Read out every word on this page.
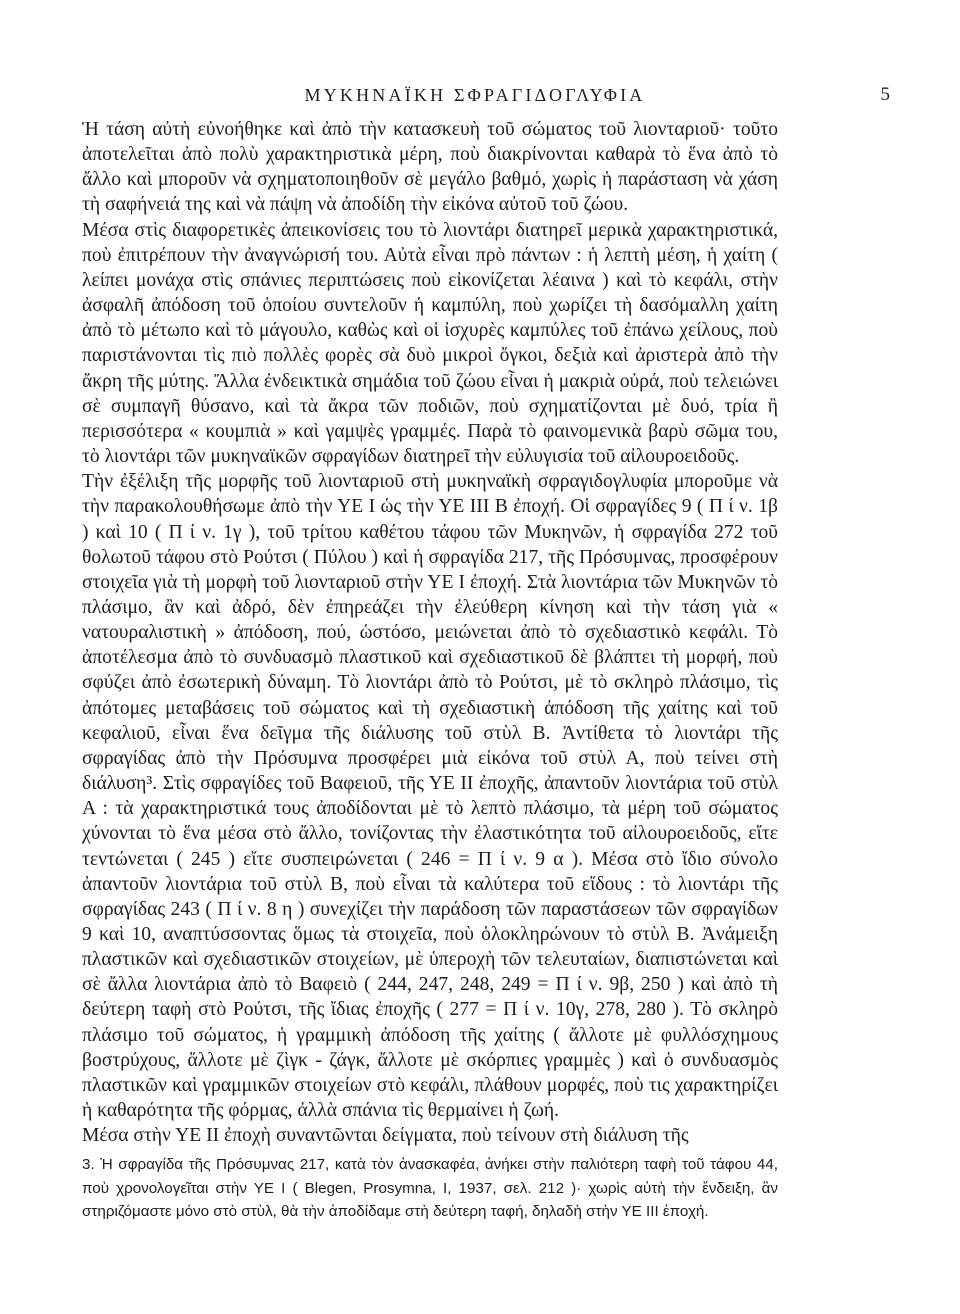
ΜΥΚΗΝΑΪΚΗ ΣΦΡΑΓΙΔΟΓΛΥΦΙΑ	5

Ἡ τάση αὐτὴ εὐνοήθηκε καὶ ἀπὸ τὴν κατασκευὴ τοῦ σώματος τοῦ λιονταριοῦ· τοῦτο ἀποτελεῖται ἀπὸ πολὺ χαρακτηριστικὰ μέρη, ποὺ διακρίνονται καθαρὰ τὸ ἕνα ἀπὸ τὸ ἄλλο καὶ μποροῦν νὰ σχηματοποιηθοῦν σὲ μεγάλο βαθμό, χωρὶς ἡ παράσταση νὰ χάση τὴ σαφήνειά της καὶ νὰ πάψη νὰ ἀποδίδη τὴν εἰκόνα αὐτοῦ τοῦ ζώου.

Μέσα στὶς διαφορετικὲς ἀπεικονίσεις του τὸ λιοντάρι διατηρεῖ μερικὰ χαρακτηριστικά, ποὺ ἐπιτρέπουν τὴν ἀναγνώρισή του. Αὐτὰ εἶναι πρὸ πάντων : ἡ λεπτὴ μέση, ἡ χαίτη ( λείπει μονάχα στὶς σπάνιες περιπτώσεις ποὺ εἰκονίζεται λέαινα ) καὶ τὸ κεφάλι, στὴν ἀσφαλῆ ἀπόδοση τοῦ ὁποίου συντελοῦν ἡ καμπύλη, ποὺ χωρίζει τὴ δασόμαλλη χαίτη ἀπὸ τὸ μέτωπο καὶ τὸ μάγουλο, καθὼς καὶ οἱ ἰσχυρὲς καμπύλες τοῦ ἐπάνω χείλους, ποὺ παριστάνονται τὶς πιὸ πολλὲς φορὲς σὰ δυὸ μικροὶ ὄγκοι, δεξιὰ καὶ ἀριστερὰ ἀπὸ τὴν ἄκρη τῆς μύτης. Ἄλλα ἐνδεικτικὰ σημάδια τοῦ ζώου εἶναι ἡ μακριὰ οὐρά, ποὺ τελειώνει σὲ συμπαγῆ θύσανο, καὶ τὰ ἄκρα τῶν ποδιῶν, ποὺ σχηματίζονται μὲ δυό, τρία ἢ περισσότερα « κουμπιὰ » καὶ γαμψὲς γραμμές. Παρὰ τὸ φαινομενικὰ βαρὺ σῶμα του, τὸ λιοντάρι τῶν μυκηναϊκῶν σφραγίδων διατηρεῖ τὴν εὐλυγισία τοῦ αἰλουροειδοῦς.

Τὴν ἐξέλιξη τῆς μορφῆς τοῦ λιονταριοῦ στὴ μυκηναϊκὴ σφραγιδογλυφία μποροῦμε νὰ τὴν παρακολουθήσωμε ἀπὸ τὴν ΥΕ Ι ὡς τὴν ΥΕ ΙΙΙ Β ἐποχή. Οἱ σφραγίδες 9 ( Π ί ν. 1β ) καὶ 10 ( Π ί ν. 1γ ), τοῦ τρίτου καθέτου τάφου τῶν Μυκηνῶν, ἡ σφραγίδα 272 τοῦ θολωτοῦ τάφου στὸ Ρούτσι ( Πύλου ) καὶ ἡ σφραγίδα 217, τῆς Πρόσυμνας, προσφέρουν στοιχεῖα γιὰ τὴ μορφὴ τοῦ λιονταριοῦ στὴν ΥΕ Ι ἐποχή. Στὰ λιοντάρια τῶν Μυκηνῶν τὸ πλάσιμο, ἂν καὶ ἀδρό, δὲν ἐπηρεάζει τὴν ἐλεύθερη κίνηση καὶ τὴν τάση γιὰ « νατουραλιστικὴ » ἀπόδοση, πού, ὡστόσο, μειώνεται ἀπὸ τὸ σχεδιαστικὸ κεφάλι. Τὸ ἀποτέλεσμα ἀπὸ τὸ συνδυασμὸ πλαστικοῦ καὶ σχεδιαστικοῦ δὲ βλάπτει τὴ μορφή, ποὺ σφύζει ἀπὸ ἐσωτερικὴ δύναμη. Τὸ λιοντάρι ἀπὸ τὸ Ρούτσι, μὲ τὸ σκληρὸ πλάσιμο, τὶς ἀπότομες μεταβάσεις τοῦ σώματος καὶ τὴ σχεδιαστικὴ ἀπόδοση τῆς χαίτης καὶ τοῦ κεφαλιοῦ, εἶναι ἕνα δεῖγμα τῆς διάλυσης τοῦ στὺλ Β. Ἀντίθετα τὸ λιοντάρι τῆς σφραγίδας ἀπὸ τὴν Πρόσυμνα προσφέρει μιὰ εἰκόνα τοῦ στὺλ Α, ποὺ τείνει στὴ διάλυση³. Στὶς σφραγίδες τοῦ Βαφειοῦ, τῆς ΥΕ ΙΙ ἐποχῆς, ἀπαντοῦν λιοντάρια τοῦ στὺλ Α : τὰ χαρακτηριστικά τους ἀποδίδονται μὲ τὸ λεπτὸ πλάσιμο, τὰ μέρη τοῦ σώματος χύνονται τὸ ἕνα μέσα στὸ ἄλλο, τονίζοντας τὴν ἐλαστικότητα τοῦ αἰλουροειδοῦς, εἴτε τεντώνεται ( 245 ) εἴτε συσπειρώνεται ( 246 = Π ί ν. 9 α ). Μέσα στὸ ἴδιο σύνολο ἀπαντοῦν λιοντάρια τοῦ στὺλ Β, ποὺ εἶναι τὰ καλύτερα τοῦ εἴδους : τὸ λιοντάρι τῆς σφραγίδας 243 ( Π ί ν. 8 η ) συνεχίζει τὴν παράδοση τῶν παραστάσεων τῶν σφραγίδων 9 καὶ 10, αναπτύσσοντας ὅμως τὰ στοιχεῖα, ποὺ ὁλοκληρώνουν τὸ στὺλ Β. Ἀνάμειξη πλαστικῶν καὶ σχεδιαστικῶν στοιχείων, μὲ ὑπεροχὴ τῶν τελευταίων, διαπιστώνεται καὶ σὲ ἄλλα λιοντάρια ἀπὸ τὸ Βαφειὸ ( 244, 247, 248, 249 = Π ί ν. 9β, 250 ) καὶ ἀπὸ τὴ δεύτερη ταφὴ στὸ Ρούτσι, τῆς ἴδιας ἐποχῆς ( 277 = Π ί ν. 10γ, 278, 280 ). Τὸ σκληρὸ πλάσιμο τοῦ σώματος, ἡ γραμμικὴ ἀπόδοση τῆς χαίτης ( ἄλλοτε μὲ φυλλόσχημους βοστρύχους, ἄλλοτε μὲ ζὶγκ - ζάγκ, ἄλλοτε μὲ σκόρπιες γραμμὲς ) καὶ ὁ συνδυασμὸς πλαστικῶν καὶ γραμμικῶν στοιχείων στὸ κεφάλι, πλάθουν μορφές, ποὺ τις χαρακτηρίζει ἡ καθαρότητα τῆς φόρμας, ἀλλὰ σπάνια τὶς θερμαίνει ἡ ζωή.

Μέσα στὴν ΥΕ ΙΙ ἐποχὴ συναντῶνται δείγματα, ποὺ τείνουν στὴ διάλυση τῆς

3. Ἡ σφραγίδα τῆς Πρόσυμνας 217, κατὰ τὸν ἀνασκαφέα, ἀνήκει στὴν παλιότερη ταφὴ τοῦ τάφου 44, ποὺ χρονολογεῖται στὴν ΥΕ Ι ( Blegen, Prosymna, I, 1937, σελ. 212 )· χωρὶς αὐτὴ τὴν ἔνδειξη, ἂν στηριζόμαστε μόνο στὸ στὺλ, θὰ τὴν ἀποδίδαμε στὴ δεύτερη ταφή, δηλαδὴ στὴν ΥΕ ΙΙΙ ἐποχή.
